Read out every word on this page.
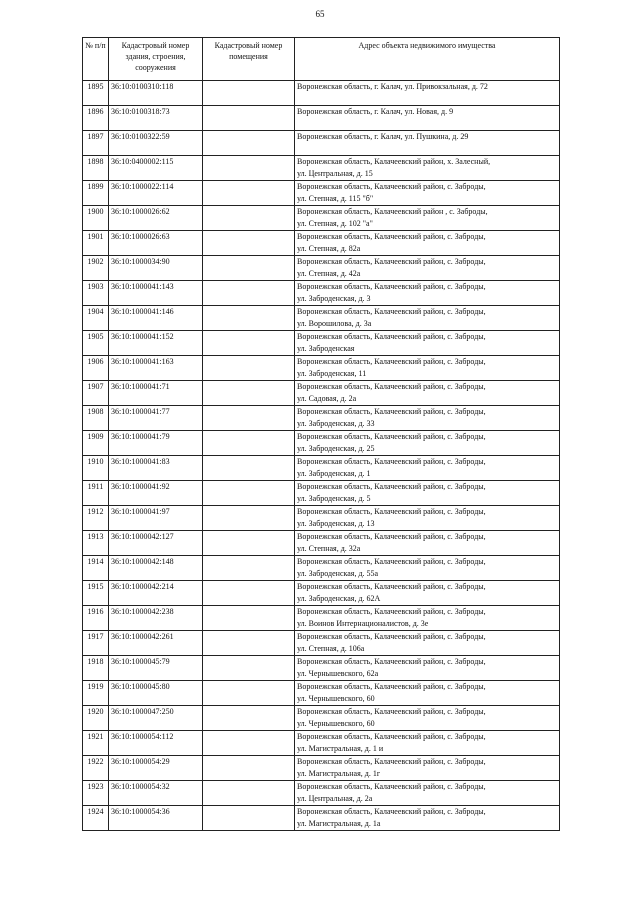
65
№ п/п	Кадастровый номер здания, строения, сооружения	Кадастровый номер помещения	Адрес объекта недвижимого имущества
1895	36:10:0100310:118		Воронежская область, г. Калач, ул. Привокзальная, д. 72

1896	36:10:0100318:73		Воронежская область, г. Калач, ул. Новая, д. 9

1897	36:10:0100322:59		Воронежская область, г. Калач, ул. Пушкина, д. 29

1898	36:10:0400002:115		Воронежская область, Калачеевский район, х. Залесный,
ул. Центральная, д. 15

1899	36:10:1000022:114		Воронежская область, Калачеевский район, с. Заброды,
ул. Степная, д. 115 "б"

1900	36:10:1000026:62		Воронежская область, Калачеевский район , с. Заброды,
ул. Степная, д. 102 "а"

1901	36:10:1000026:63		Воронежская область, Калачеевский район, с. Заброды,
ул. Степная, д. 82а

1902	36:10:1000034:90		Воронежская область, Калачеевский район, с. Заброды,
ул. Степная, д. 42а

1903	36:10:1000041:143		Воронежская область, Калачеевский район, с. Заброды,
ул. Заброденская, д. 3

1904	36:10:1000041:146		Воронежская область, Калачеевский район, с. Заброды,
ул. Ворошилова, д. 3а

1905	36:10:1000041:152		Воронежская область, Калачеевский район, с. Заброды,
ул. Заброденская

1906	36:10:1000041:163		Воронежская область, Калачеевский район, с. Заброды,
ул. Заброденская, 11

1907	36:10:1000041:71		Воронежская область, Калачеевский район, с. Заброды,
ул. Садовая, д. 2а

1908	36:10:1000041:77		Воронежская область, Калачеевский район, с. Заброды,
ул. Заброденская, д. 33

1909	36:10:1000041:79		Воронежская область, Калачеевский район, с. Заброды,
ул. Заброденская, д. 25

1910	36:10:1000041:83		Воронежская область, Калачеевский район, с. Заброды,
ул. Заброденская, д. 1

1911	36:10:1000041:92		Воронежская область, Калачеевский район, с. Заброды,
ул. Заброденская, д. 5

1912	36:10:1000041:97		Воронежская область, Калачеевский район, с. Заброды,
ул. Заброденская, д. 13

1913	36:10:1000042:127		Воронежская область, Калачеевский район, с. Заброды,
ул. Степная, д. 32а

1914	36:10:1000042:148		Воронежская область, Калачеевский район, с. Заброды,
ул. Заброденская, д. 55а

1915	36:10:1000042:214		Воронежская область, Калачеевский район, с. Заброды,
ул. Заброденская, д. 62А

1916	36:10:1000042:238		Воронежская область, Калачеевский район, с. Заброды,
ул. Воинов Интернационалистов, д. 3е

1917	36:10:1000042:261		Воронежская область, Калачеевский район, с. Заброды,
ул. Степная, д. 106а

1918	36:10:1000045:79		Воронежская область, Калачеевский район, с. Заброды,
ул. Чернышевского, 62а

1919	36:10:1000045:80		Воронежская область, Калачеевский район, с. Заброды,
ул. Чернышевского, 60

1920	36:10:1000047:250		Воронежская область, Калачеевский район, с. Заброды,
ул. Чернышевского, 60

1921	36:10:1000054:112		Воронежская область, Калачеевский район, с. Заброды,
ул. Магистральная, д. 1 и

1922	36:10:1000054:29		Воронежская область, Калачеевский район, с. Заброды,
ул. Магистральная, д. 1г

1923	36:10:1000054:32		Воронежская область, Калачеевский район, с. Заброды,
ул. Центральная, д. 2а

1924	36:10:1000054:36		Воронежская область, Калачеевский район, с. Заброды,
ул. Магистральная, д. 1а
